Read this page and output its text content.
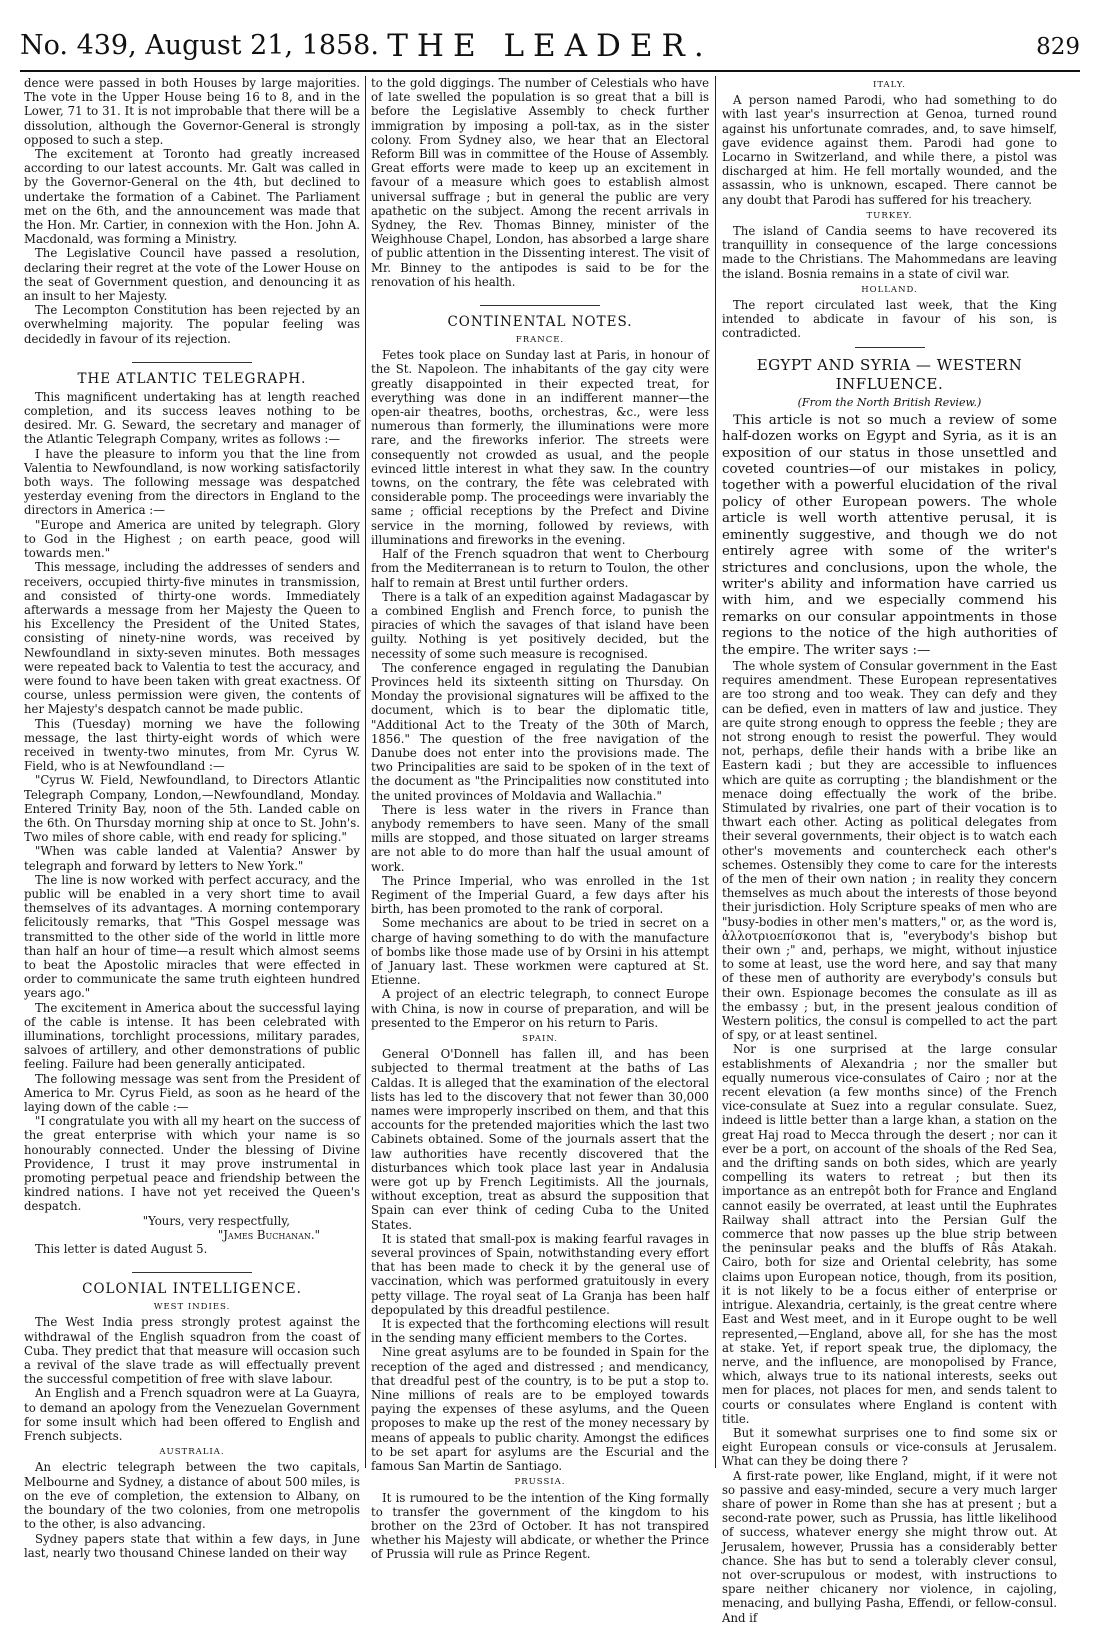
No. 439, August 21, 1858. THE LEADER.	829

dence were passed in both Houses by large majorities. The vote in the Upper House being 16 to 8, and in the Lower, 71 to 31. It is not improbable that there will be a dissolution, although the Governor-General is strongly opposed to such a step.

The excitement at Toronto had greatly increased according to our latest accounts. Mr. Galt was called in by the Governor-General on the 4th, but declined to undertake the formation of a Cabinet. The Parliament met on the 6th, and the announcement was made that the Hon. Mr. Cartier, in connexion with the Hon. John A. Macdonald, was forming a Ministry.

The Legislative Council have passed a resolution, declaring their regret at the vote of the Lower House on the seat of Government question, and denouncing it as an insult to her Majesty.

The Lecompton Constitution has been rejected by an overwhelming majority. The popular feeling was decidedly in favour of its rejection.

THE ATLANTIC TELEGRAPH.

This magnificent undertaking has at length reached completion, and its success leaves nothing to be desired. Mr. G. Seward, the secretary and manager of the Atlantic Telegraph Company, writes as follows :—

I have the pleasure to inform you that the line from Valentia to Newfoundland, is now working satisfactorily both ways. The following message was despatched yesterday evening from the directors in England to the directors in America :—

"Europe and America are united by telegraph. Glory to God in the Highest ; on earth peace, good will towards men."

This message, including the addresses of senders and receivers, occupied thirty-five minutes in transmission, and consisted of thirty-one words. Immediately afterwards a message from her Majesty the Queen to his Excellency the President of the United States, consisting of ninety-nine words, was received by Newfoundland in sixty-seven minutes. Both messages were repeated back to Valentia to test the accuracy, and were found to have been taken with great exactness. Of course, unless permission were given, the contents of her Majesty's despatch cannot be made public.

This (Tuesday) morning we have the following message, the last thirty-eight words of which were received in twenty-two minutes, from Mr. Cyrus W. Field, who is at Newfoundland :—

"Cyrus W. Field, Newfoundland, to Directors Atlantic Telegraph Company, London,—Newfoundland, Monday. Entered Trinity Bay, noon of the 5th. Landed cable on the 6th. On Thursday morning ship at once to St. John's. Two miles of shore cable, with end ready for splicing."

"When was cable landed at Valentia? Answer by telegraph and forward by letters to New York."

The line is now worked with perfect accuracy, and the public will be enabled in a very short time to avail themselves of its advantages. A morning contemporary felicitously remarks, that "This Gospel message was transmitted to the other side of the world in little more than half an hour of time—a result which almost seems to beat the Apostolic miracles that were effected in order to communicate the same truth eighteen hundred years ago."

The excitement in America about the successful laying of the cable is intense. It has been celebrated with illuminations, torchlight processions, military parades, salvoes of artillery, and other demonstrations of public feeling. Failure had been generally anticipated.

The following message was sent from the President of America to Mr. Cyrus Field, as soon as he heard of the laying down of the cable :—

"I congratulate you with all my heart on the success of the great enterprise with which your name is so honourably connected. Under the blessing of Divine Providence, I trust it may prove instrumental in promoting perpetual peace and friendship between the kindred nations. I have not yet received the Queen's despatch.

"Yours, very respectfully,

"James Buchanan."

This letter is dated August 5.

COLONIAL INTELLIGENCE.
WEST INDIES.

The West India press strongly protest against the withdrawal of the English squadron from the coast of Cuba. They predict that that measure will occasion such a revival of the slave trade as will effectually prevent the successful competition of free with slave labour.

An English and a French squadron were at La Guayra, to demand an apology from the Venezuelan Government for some insult which had been offered to English and French subjects.

AUSTRALIA.

An electric telegraph between the two capitals, Melbourne and Sydney, a distance of about 500 miles, is on the eve of completion, the extension to Albany, on the boundary of the two colonies, from one metropolis to the other, is also advancing.

Sydney papers state that within a few days, in June last, nearly two thousand Chinese landed on their way

to the gold diggings. The number of Celestials who have of late swelled the population is so great that a bill is before the Legislative Assembly to check further immigration by imposing a poll-tax, as in the sister colony. From Sydney also, we hear that an Electoral Reform Bill was in committee of the House of Assembly. Great efforts were made to keep up an excitement in favour of a measure which goes to establish almost universal suffrage ; but in general the public are very apathetic on the subject. Among the recent arrivals in Sydney, the Rev. Thomas Binney, minister of the Weighhouse Chapel, London, has absorbed a large share of public attention in the Dissenting interest. The visit of Mr. Binney to the antipodes is said to be for the renovation of his health.

CONTINENTAL NOTES.
FRANCE.

Fetes took place on Sunday last at Paris, in honour of the St. Napoleon. The inhabitants of the gay city were greatly disappointed in their expected treat, for everything was done in an indifferent manner—the open-air theatres, booths, orchestras, &c., were less numerous than formerly, the illuminations were more rare, and the fireworks inferior. The streets were consequently not crowded as usual, and the people evinced little interest in what they saw. In the country towns, on the contrary, the fête was celebrated with considerable pomp. The proceedings were invariably the same ; official receptions by the Prefect and Divine service in the morning, followed by reviews, with illuminations and fireworks in the evening.

Half of the French squadron that went to Cherbourg from the Mediterranean is to return to Toulon, the other half to remain at Brest until further orders.

There is a talk of an expedition against Madagascar by a combined English and French force, to punish the piracies of which the savages of that island have been guilty. Nothing is yet positively decided, but the necessity of some such measure is recognised.

The conference engaged in regulating the Danubian Provinces held its sixteenth sitting on Thursday. On Monday the provisional signatures will be affixed to the document, which is to bear the diplomatic title, "Additional Act to the Treaty of the 30th of March, 1856." The question of the free navigation of the Danube does not enter into the provisions made. The two Principalities are said to be spoken of in the text of the document as "the Principalities now constituted into the united provinces of Moldavia and Wallachia."

There is less water in the rivers in France than anybody remembers to have seen. Many of the small mills are stopped, and those situated on larger streams are not able to do more than half the usual amount of work.

The Prince Imperial, who was enrolled in the 1st Regiment of the Imperial Guard, a few days after his birth, has been promoted to the rank of corporal.

Some mechanics are about to be tried in secret on a charge of having something to do with the manufacture of bombs like those made use of by Orsini in his attempt of January last. These workmen were captured at St. Etienne.

A project of an electric telegraph, to connect Europe with China, is now in course of preparation, and will be presented to the Emperor on his return to Paris.

SPAIN.

General O'Donnell has fallen ill, and has been subjected to thermal treatment at the baths of Las Caldas. It is alleged that the examination of the electoral lists has led to the discovery that not fewer than 30,000 names were improperly inscribed on them, and that this accounts for the pretended majorities which the last two Cabinets obtained. Some of the journals assert that the law authorities have recently discovered that the disturbances which took place last year in Andalusia were got up by French Legitimists. All the journals, without exception, treat as absurd the supposition that Spain can ever think of ceding Cuba to the United States.

It is stated that small-pox is making fearful ravages in several provinces of Spain, notwithstanding every effort that has been made to check it by the general use of vaccination, which was performed gratuitously in every petty village. The royal seat of La Granja has been half depopulated by this dreadful pestilence.

It is expected that the forthcoming elections will result in the sending many efficient members to the Cortes.

Nine great asylums are to be founded in Spain for the reception of the aged and distressed ; and mendicancy, that dreadful pest of the country, is to be put a stop to. Nine millions of reals are to be employed towards paying the expenses of these asylums, and the Queen proposes to make up the rest of the money necessary by means of appeals to public charity. Amongst the edifices to be set apart for asylums are the Escurial and the famous San Martin de Santiago.

PRUSSIA.

It is rumoured to be the intention of the King formally to transfer the government of the kingdom to his brother on the 23rd of October. It has not transpired whether his Majesty will abdicate, or whether the Prince of Prussia will rule as Prince Regent.

ITALY.

A person named Parodi, who had something to do with last year's insurrection at Genoa, turned round against his unfortunate comrades, and, to save himself, gave evidence against them. Parodi had gone to Locarno in Switzerland, and while there, a pistol was discharged at him. He fell mortally wounded, and the assassin, who is unknown, escaped. There cannot be any doubt that Parodi has suffered for his treachery.

TURKEY.

The island of Candia seems to have recovered its tranquillity in consequence of the large concessions made to the Christians. The Mahommedans are leaving the island. Bosnia remains in a state of civil war.

HOLLAND.

The report circulated last week, that the King intended to abdicate in favour of his son, is contradicted.

EGYPT AND SYRIA — WESTERN INFLUENCE.
(From the North British Review.)

This article is not so much a review of some half-dozen works on Egypt and Syria, as it is an exposition of our status in those unsettled and coveted countries—of our mistakes in policy, together with a powerful elucidation of the rival policy of other European powers. The whole article is well worth attentive perusal, it is eminently suggestive, and though we do not entirely agree with some of the writer's strictures and conclusions, upon the whole, the writer's ability and information have carried us with him, and we especially commend his remarks on our consular appointments in those regions to the notice of the high authorities of the empire. The writer says :—

The whole system of Consular government in the East requires amendment. These European representatives are too strong and too weak. They can defy and they can be defied, even in matters of law and justice. They are quite strong enough to oppress the feeble ; they are not strong enough to resist the powerful. They would not, perhaps, defile their hands with a bribe like an Eastern kadi ; but they are accessible to influences which are quite as corrupting ; the blandishment or the menace doing effectually the work of the bribe. Stimulated by rivalries, one part of their vocation is to thwart each other. Acting as political delegates from their several governments, their object is to watch each other's movements and countercheck each other's schemes. Ostensibly they come to care for the interests of the men of their own nation ; in reality they concern themselves as much about the interests of those beyond their jurisdiction. Holy Scripture speaks of men who are "busy-bodies in other men's matters," or, as the word is, ἀλλοτριοεπίσκοποι that is, "everybody's bishop but their own ;" and, perhaps, we might, without injustice to some at least, use the word here, and say that many of these men of authority are everybody's consuls but their own. Espionage becomes the consulate as ill as the embassy ; but, in the present jealous condition of Western politics, the consul is compelled to act the part of spy, or at least sentinel.

Nor is one surprised at the large consular establishments of Alexandria ; nor the smaller but equally numerous vice-consulates of Cairo ; nor at the recent elevation (a few months since) of the French vice-consulate at Suez into a regular consulate. Suez, indeed is little better than a large khan, a station on the great Haj road to Mecca through the desert ; nor can it ever be a port, on account of the shoals of the Red Sea, and the drifting sands on both sides, which are yearly compelling its waters to retreat ; but then its importance as an entrepôt both for France and England cannot easily be overrated, at least until the Euphrates Railway shall attract into the Persian Gulf the commerce that now passes up the blue strip between the peninsular peaks and the bluffs of Râs Atakah. Cairo, both for size and Oriental celebrity, has some claims upon European notice, though, from its position, it is not likely to be a focus either of enterprise or intrigue. Alexandria, certainly, is the great centre where East and West meet, and in it Europe ought to be well represented,—England, above all, for she has the most at stake. Yet, if report speak true, the diplomacy, the nerve, and the influence, are monopolised by France, which, always true to its national interests, seeks out men for places, not places for men, and sends talent to courts or consulates where England is content with title.

But it somewhat surprises one to find some six or eight European consuls or vice-consuls at Jerusalem. What can they be doing there ?

A first-rate power, like England, might, if it were not so passive and easy-minded, secure a very much larger share of power in Rome than she has at present ; but a second-rate power, such as Prussia, has little likelihood of success, whatever energy she might throw out. At Jerusalem, however, Prussia has a considerably better chance. She has but to send a tolerably clever consul, not over-scrupulous or modest, with instructions to spare neither chicanery nor violence, in cajoling, menacing, and bullying Pasha, Effendi, or fellow-consul. And if
